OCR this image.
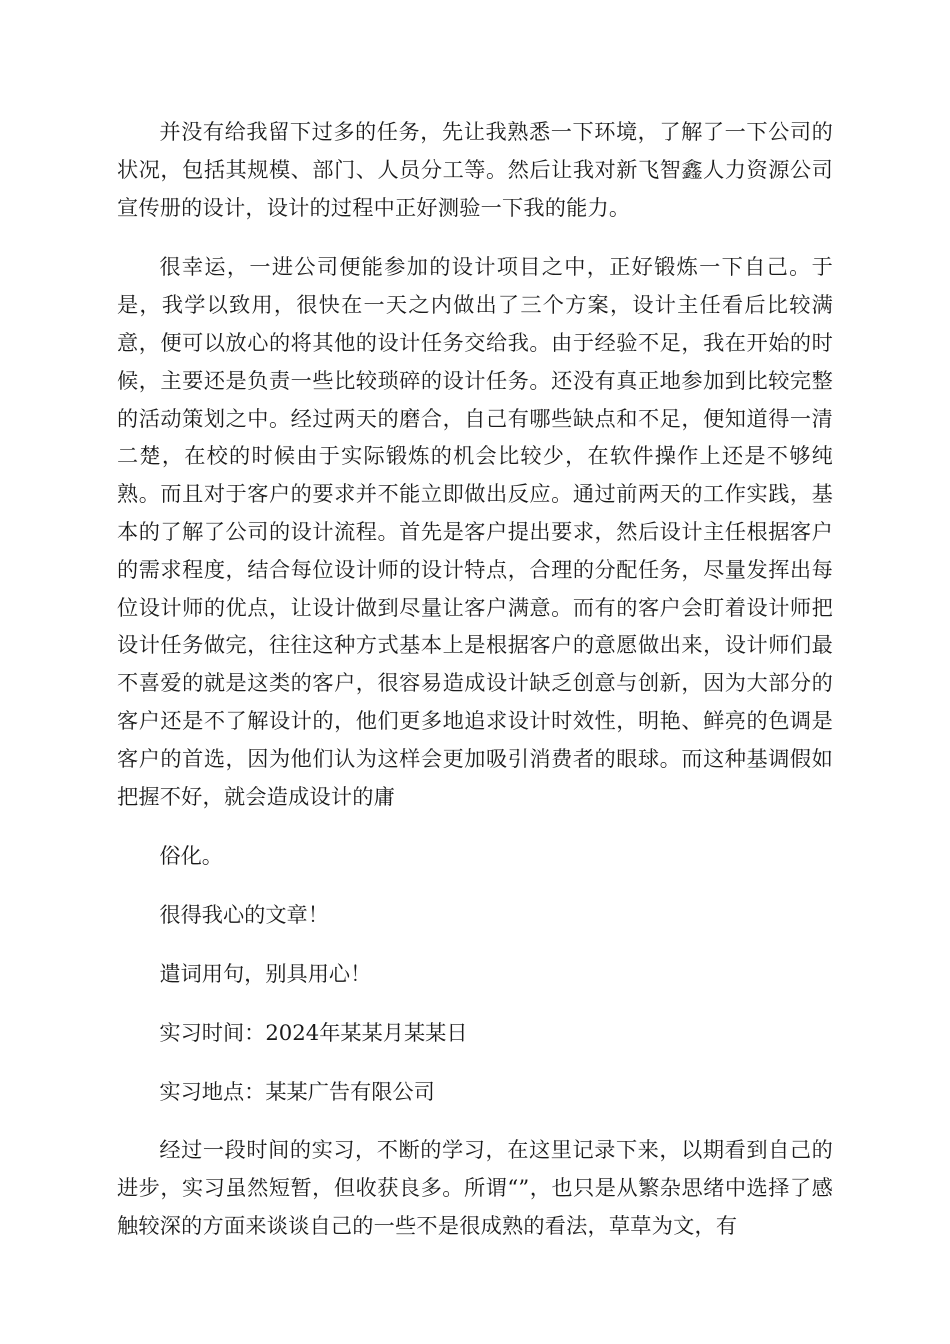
并没有给我留下过多的任务，先让我熟悉一下环境，了解了一下公司的状况，包括其规模、部门、人员分工等。然后让我对新飞智鑫人力资源公司宣传册的设计，设计的过程中正好测验一下我的能力。

很幸运，一进公司便能参加的设计项目之中，正好锻炼一下自己。于是，我学以致用，很快在一天之内做出了三个方案，设计主任看后比较满意，便可以放心的将其他的设计任务交给我。由于经验不足，我在开始的时候，主要还是负责一些比较琐碎的设计任务。还没有真正地参加到比较完整的活动策划之中。经过两天的磨合，自己有哪些缺点和不足，便知道得一清二楚，在校的时候由于实际锻炼的机会比较少，在软件操作上还是不够纯熟。而且对于客户的要求并不能立即做出反应。通过前两天的工作实践，基本的了解了公司的设计流程。首先是客户提出要求，然后设计主任根据客户的需求程度，结合每位设计师的设计特点，合理的分配任务，尽量发挥出每位设计师的优点，让设计做到尽量让客户满意。而有的客户会盯着设计师把设计任务做完，往往这种方式基本上是根据客户的意愿做出来，设计师们最不喜爱的就是这类的客户，很容易造成设计缺乏创意与创新，因为大部分的客户还是不了解设计的，他们更多地追求设计时效性，明艳、鲜亮的色调是客户的首选，因为他们认为这样会更加吸引消费者的眼球。而这种基调假如把握不好，就会造成设计的庸

俗化。

很得我心的文章！

遣词用句，别具用心！

实习时间：2024年某某月某某日

实习地点：某某广告有限公司

经过一段时间的实习，不断的学习，在这里记录下来，以期看到自己的进步，实习虽然短暂，但收获良多。所谓“”，也只是从繁杂思绪中选择了感触较深的方面来谈谈自己的一些不是很成熟的看法，草草为文，有
